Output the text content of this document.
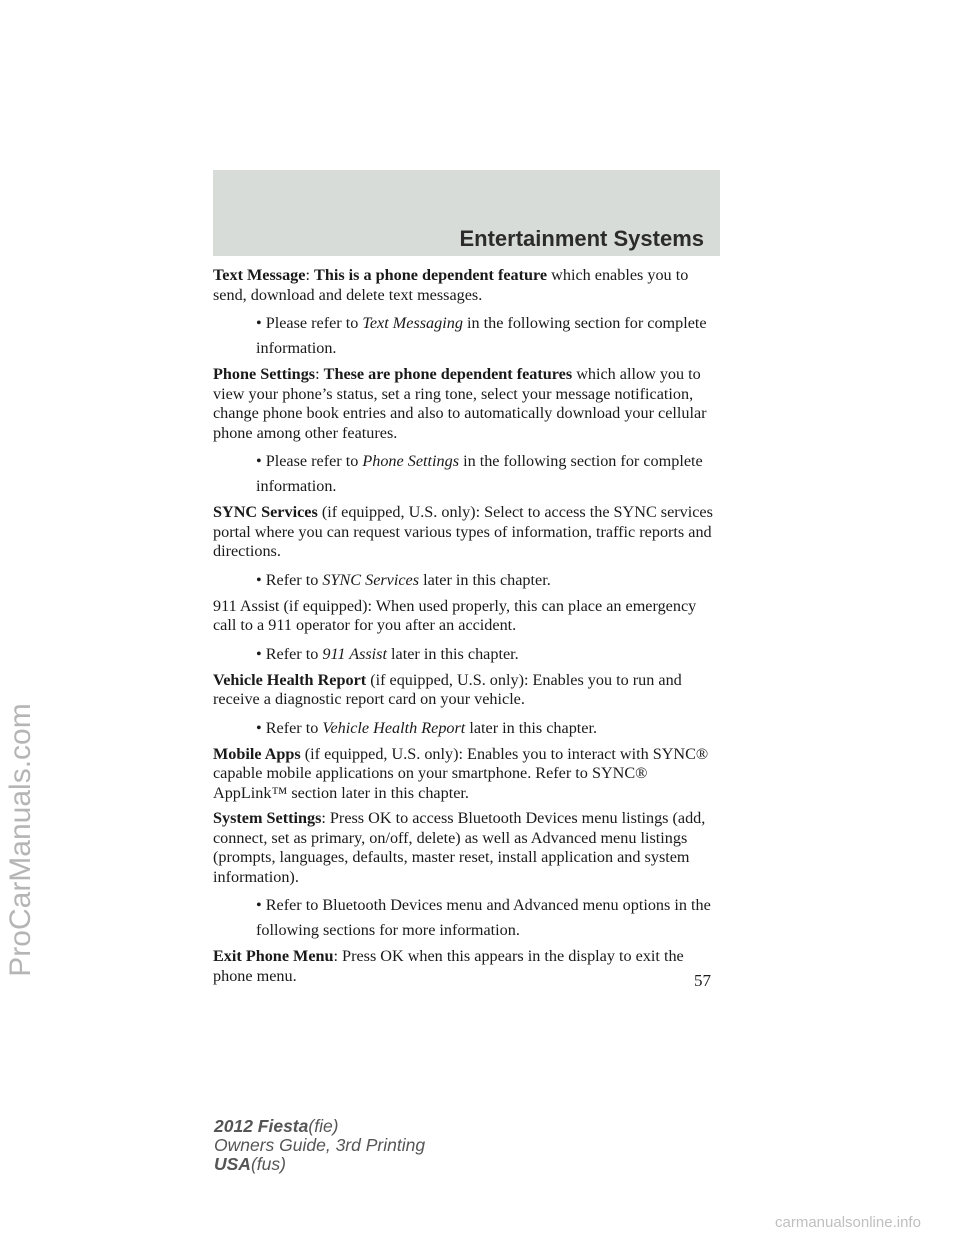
Entertainment Systems

Text Message: This is a phone dependent feature which enables you to send, download and delete text messages.

• Please refer to Text Messaging in the following section for complete information.

Phone Settings: These are phone dependent features which allow you to view your phone’s status, set a ring tone, select your message notification, change phone book entries and also to automatically download your cellular phone among other features.

• Please refer to Phone Settings in the following section for complete information.

SYNC Services (if equipped, U.S. only): Select to access the SYNC services portal where you can request various types of information, traffic reports and directions.

• Refer to SYNC Services later in this chapter.

911 Assist (if equipped): When used properly, this can place an emergency call to a 911 operator for you after an accident.

• Refer to 911 Assist later in this chapter.

Vehicle Health Report (if equipped, U.S. only): Enables you to run and receive a diagnostic report card on your vehicle.

• Refer to Vehicle Health Report later in this chapter.

Mobile Apps (if equipped, U.S. only): Enables you to interact with SYNC® capable mobile applications on your smartphone. Refer to SYNC® AppLink™ section later in this chapter.

System Settings: Press OK to access Bluetooth Devices menu listings (add, connect, set as primary, on/off, delete) as well as Advanced menu listings (prompts, languages, defaults, master reset, install application and system information).

• Refer to Bluetooth Devices menu and Advanced menu options in the following sections for more information.

Exit Phone Menu: Press OK when this appears in the display to exit the phone menu.	57
2012 Fiesta(fie)
Owners Guide, 3rd Printing
USA(fus)
ProCarManuals.com
carmanualsonline.info
